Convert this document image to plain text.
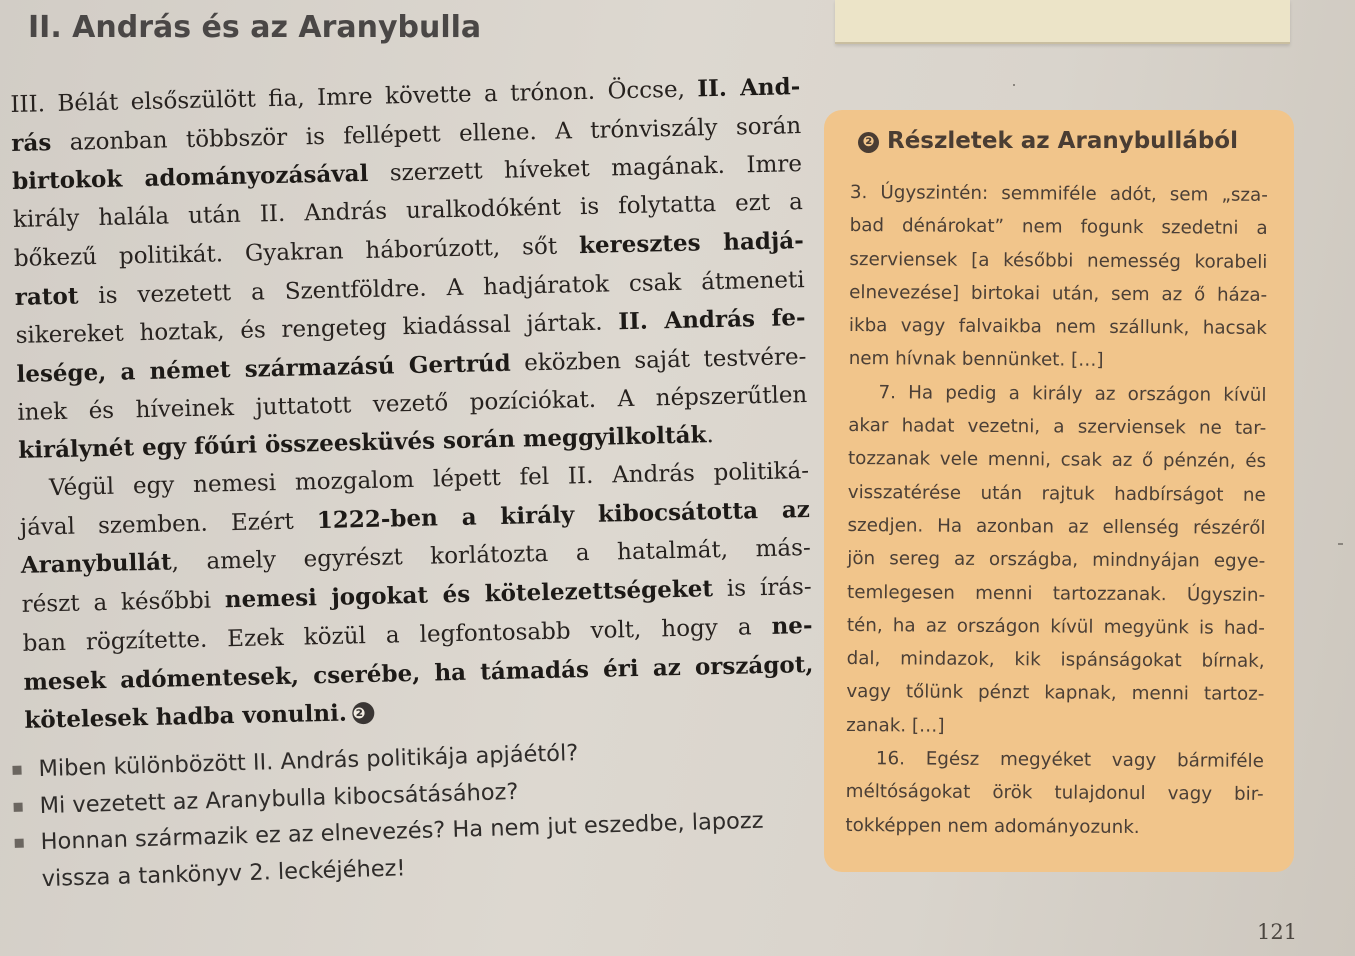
II. András és az Aranybulla
III. Bélát elsőszülött fia, Imre követte a trónon. Öccse, II. And-
rás azonban többször is fellépett ellene. A trónviszály során
birtokok adományozásával szerzett híveket magának. Imre
király halála után II. András uralkodóként is folytatta ezt a
bőkezű politikát. Gyakran háborúzott, sőt keresztes hadjá-
ratot is vezetett a Szentföldre. A hadjáratok csak átmeneti
sikereket hoztak, és rengeteg kiadással jártak. II. András fe-
lesége, a német származású Gertrúd eközben saját testvére-
inek és híveinek juttatott vezető pozíciókat. A népszerűtlen
királynét egy főúri összeesküvés során meggyilkolták.
Végül egy nemesi mozgalom lépett fel II. András politiká-
jával szemben. Ezért 1222-ben a király kibocsátotta az
Aranybullát, amely egyrészt korlátozta a hatalmát, más-
részt a későbbi nemesi jogokat és kötelezettségeket is írás-
ban rögzítette. Ezek közül a legfontosabb volt, hogy a ne-
mesek adómentesek, cserébe, ha támadás éri az országot,
kötelesek hadba vonulni. ❷
Miben különbözött II. András politikája apjáétól?
Mi vezetett az Aranybulla kibocsátásához?
Honnan származik ez az elnevezés? Ha nem jut eszedbe, lapozz
vissza a tankönyv 2. leckéjéhez!
❷ Részletek az Aranybullából
3. Úgyszintén: semmiféle adót, sem „sza-
bad dénárokat” nem fogunk szedetni a
szerviensek [a későbbi nemesség korabeli
elnevezése] birtokai után, sem az ő háza-
ikba vagy falvaikba nem szállunk, hacsak
nem hívnak bennünket. […]
7. Ha pedig a király az országon kívül
akar hadat vezetni, a szerviensek ne tar-
tozzanak vele menni, csak az ő pénzén, és
visszatérése után rajtuk hadbírságot ne
szedjen. Ha azonban az ellenség részéről
jön sereg az országba, mindnyájan egye-
temlegesen menni tartozzanak. Úgyszin-
tén, ha az országon kívül megyünk is had-
dal, mindazok, kik ispánságokat bírnak,
vagy tőlünk pénzt kapnak, menni tartoz-
zanak. […]
16. Egész megyéket vagy bármiféle
méltóságokat örök tulajdonul vagy bir-
tokképpen nem adományozunk.
121
